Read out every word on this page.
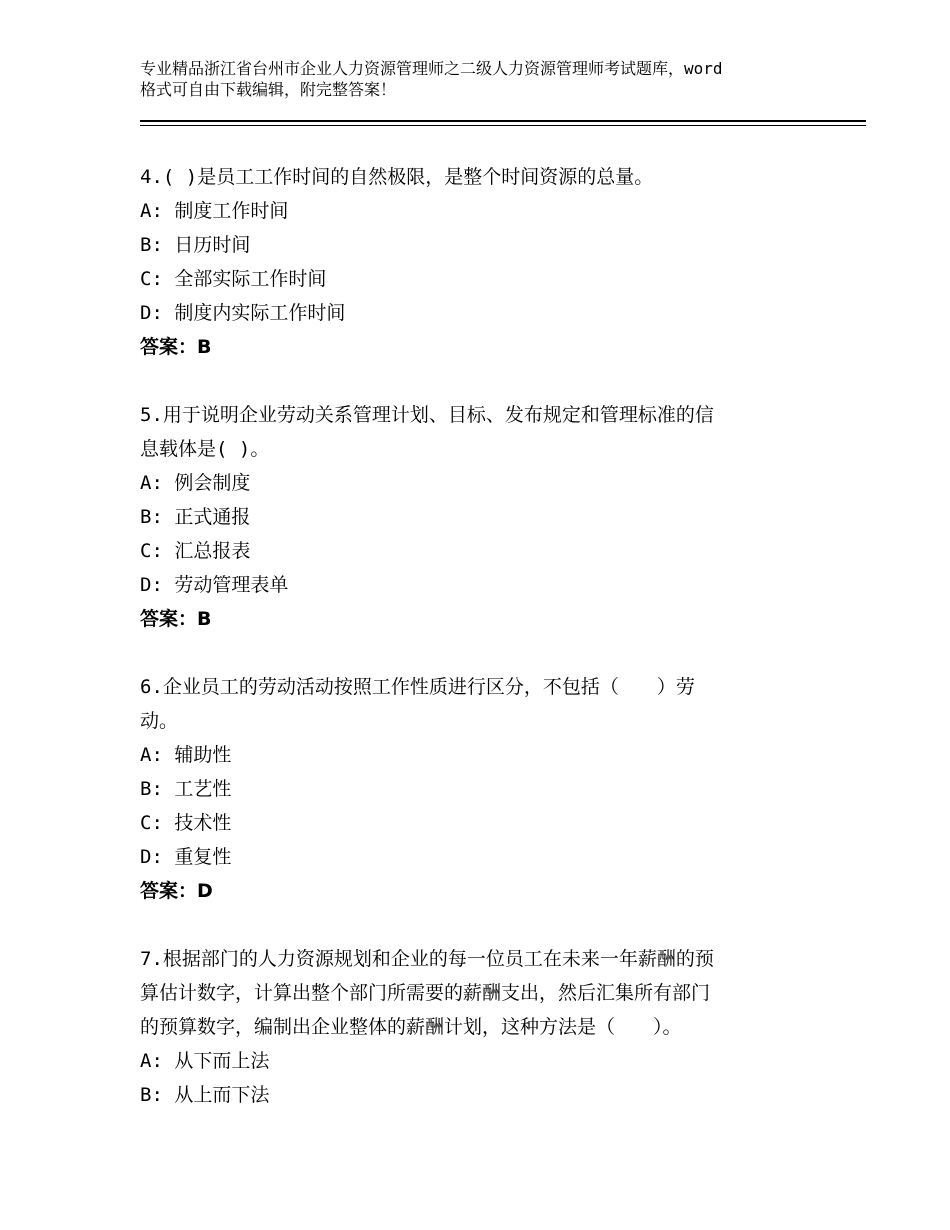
专业精品浙江省台州市企业人力资源管理师之二级人力资源管理师考试题库，word
格式可自由下载编辑，附完整答案！
4.( )是员工工作时间的自然极限，是整个时间资源的总量。
A: 制度工作时间
B: 日历时间
C: 全部实际工作时间
D: 制度内实际工作时间
答案：B
5.用于说明企业劳动关系管理计划、目标、发布规定和管理标准的信
息载体是( )。
A: 例会制度
B: 正式通报
C: 汇总报表
D: 劳动管理表单
答案：B
6.企业员工的劳动活动按照工作性质进行区分，不包括（　　）劳
动。
A: 辅助性
B: 工艺性
C: 技术性
D: 重复性
答案：D
7.根据部门的人力资源规划和企业的每一位员工在未来一年薪酬的预
算估计数字，计算出整个部门所需要的薪酬支出，然后汇集所有部门
的预算数字，编制出企业整体的薪酬计划，这种方法是（　　）。
A: 从下而上法
B: 从上而下法
